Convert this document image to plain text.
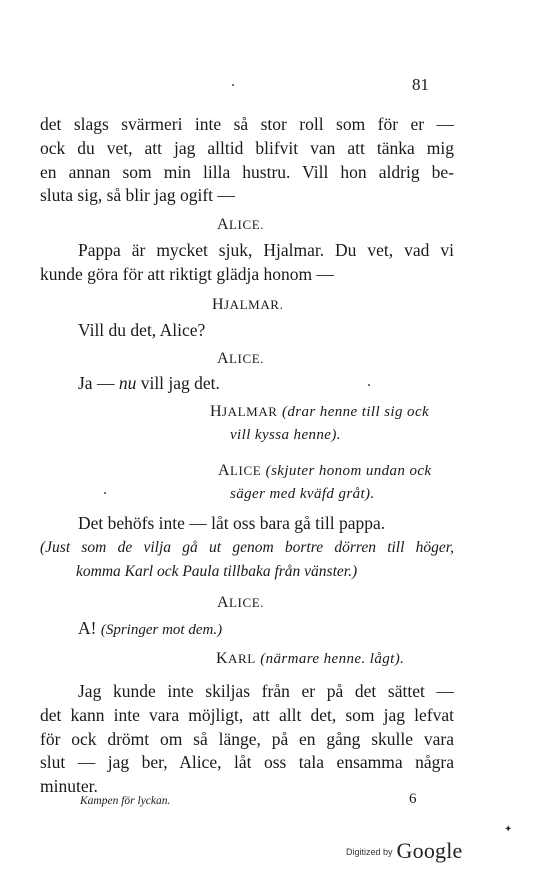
81
det slags svärmeri inte så stor roll som för er —
ock du vet, att jag alltid blifvit van att tänka mig
en annan som min lilla hustru. Vill hon aldrig be-
sluta sig, så blir jag ogift —
ALICE.
Pappa är mycket sjuk, Hjalmar. Du vet, vad vi
kunde göra för att riktigt glädja honom —
HJALMAR.
Vill du det, Alice?
ALICE.
Ja — nu vill jag det.
HJALMAR (drar henne till sig ock
vill kyssa henne).
ALICE (skjuter honom undan ock
säger med kväfd gråt).
Det behöfs inte — låt oss bara gå till pappa.
(Just som de vilja gå ut genom bortre dörren till höger,
komma Karl ock Paula tillbaka från vänster.)
ALICE.
A! (Springer mot dem.)
KARL (närmare henne. lågt).
Jag kunde inte skiljas från er på det sättet —
det kann inte vara möjligt, att allt det, som jag lefvat
för ock drömt om så länge, på en gång skulle vara
slut — jag ber, Alice, låt oss tala ensamma några
minuter.
Kampen för lyckan.	6
✦
Digitized by Google
